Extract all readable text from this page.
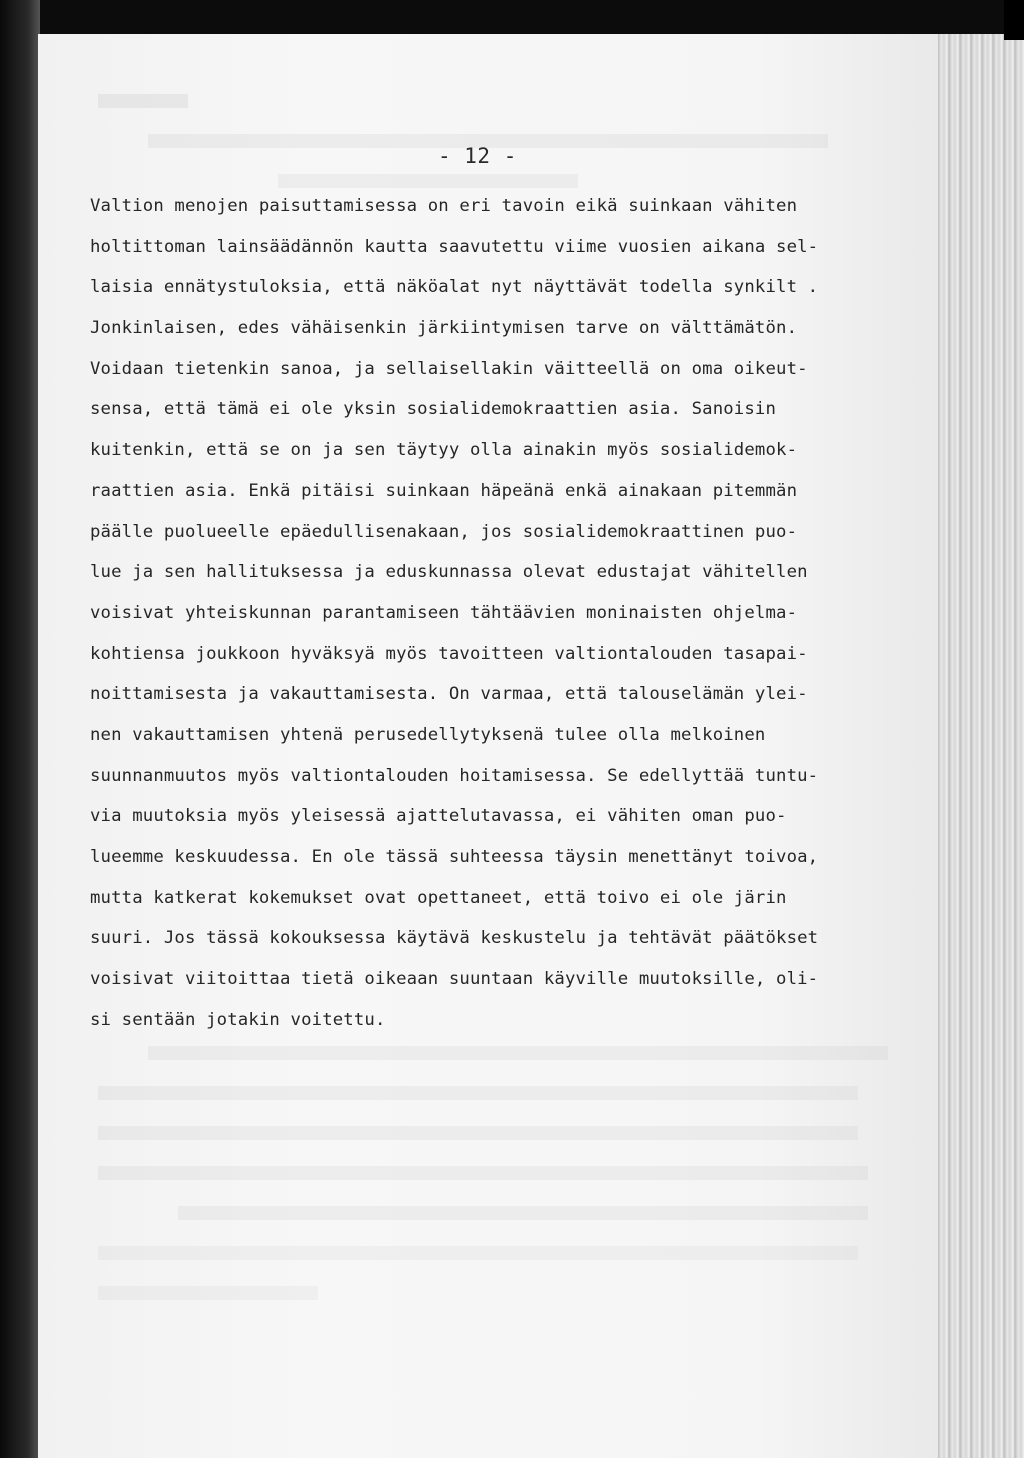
- 12 -
Valtion menojen paisuttamisessa on eri tavoin eikä suinkaan vähiten
holtittoman lainsäädännön kautta saavutettu viime vuosien aikana sel-
laisia ennätystuloksia, että näköalat nyt näyttävät todella synkilt .
Jonkinlaisen, edes vähäisenkin järkiintymisen tarve on välttämätön.
Voidaan tietenkin sanoa, ja sellaisellakin väitteellä on oma oikeut-
sensa, että tämä ei ole yksin sosialidemokraattien asia. Sanoisin
kuitenkin, että se on ja sen täytyy olla ainakin myös sosialidemok-
raattien asia. Enkä pitäisi suinkaan häpeänä enkä ainakaan pitemmän
päälle puolueelle epäedullisenakaan, jos sosialidemokraattinen puo-
lue ja sen hallituksessa ja eduskunnassa olevat edustajat vähitellen
voisivat yhteiskunnan parantamiseen tähtäävien moninaisten ohjelma-
kohtiensa joukkoon hyväksyä myös tavoitteen valtiontalouden tasapai-
noittamisesta ja vakauttamisesta. On varmaa, että talouselämän ylei-
nen vakauttamisen yhtenä perusedellytyksenä tulee olla melkoinen
suunnanmuutos myös valtiontalouden hoitamisessa. Se edellyttää tuntu-
via muutoksia myös yleisessä ajattelutavassa, ei vähiten oman puo-
lueemme keskuudessa. En ole tässä suhteessa täysin menettänyt toivoa,
mutta katkerat kokemukset ovat opettaneet, että toivo ei ole järin
suuri. Jos tässä kokouksessa käytävä keskustelu ja tehtävät päätökset
voisivat viitoittaa tietä oikeaan suuntaan käyville muutoksille, oli-
si sentään jotakin voitettu.
